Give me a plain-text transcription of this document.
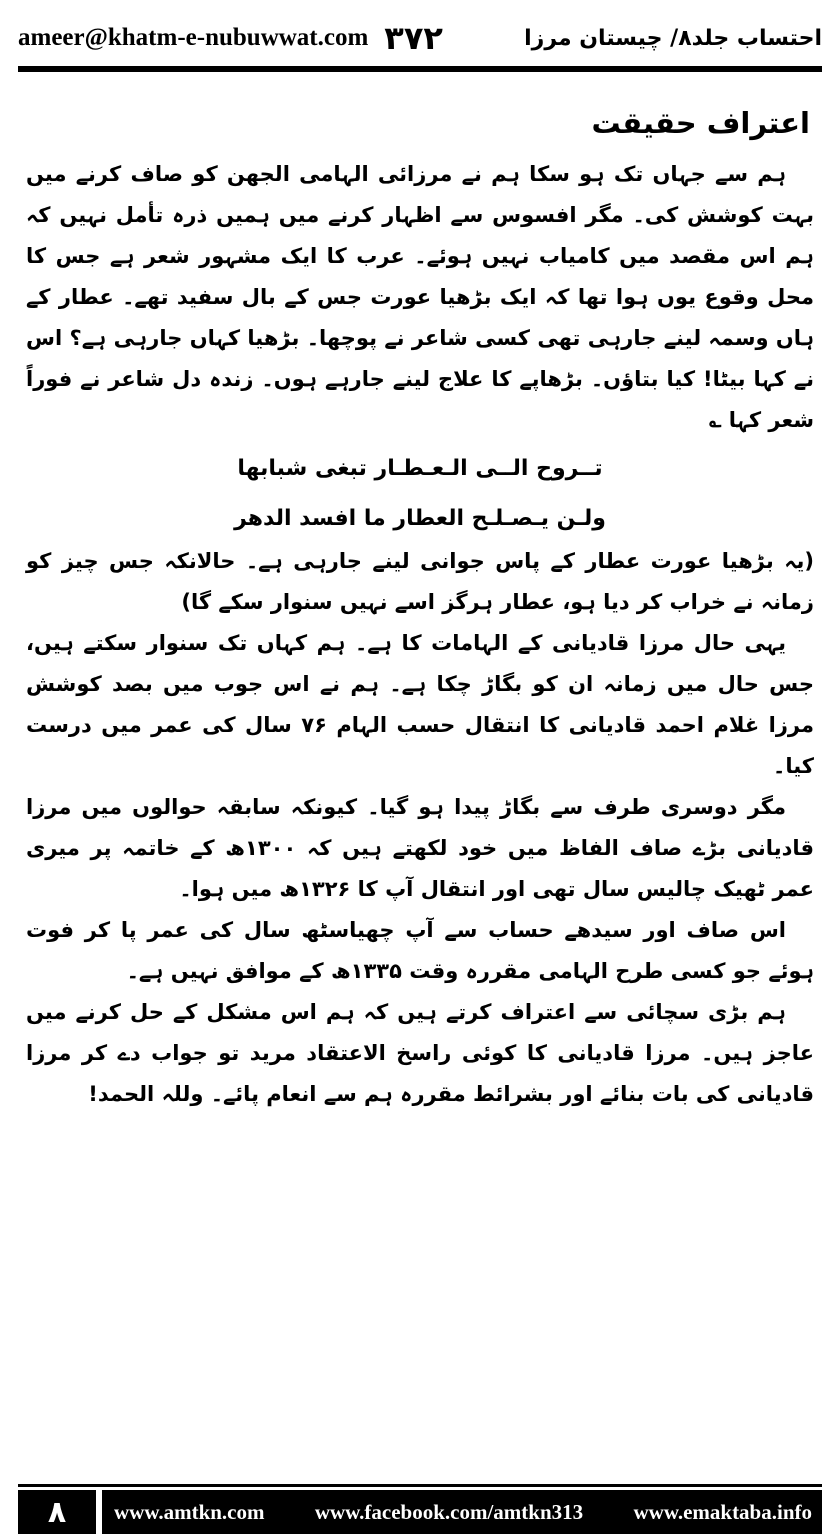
ameer@khatm-e-nubuwwat.com ۳۷۲	احتساب جلد۸/ چیستان مرزا
اعتراف حقیقت

ہم سے جہاں تک ہو سکا ہم نے مرزائی الہامی الجھن کو صاف کرنے میں بہت کوشش کی۔ مگر افسوس سے اظہار کرنے میں ہمیں ذرہ تأمل نہیں کہ ہم اس مقصد میں کامیاب نہیں ہوئے۔ عرب کا ایک مشہور شعر ہے جس کا محل وقوع یوں ہوا تھا کہ ایک بڑھیا عورت جس کے بال سفید تھے۔ عطار کے ہاں وسمہ لینے جارہی تھی کسی شاعر نے پوچھا۔ بڑھیا کہاں جارہی ہے؟ اس نے کہا بیٹا! کیا بتاؤں۔ بڑھاپے کا علاج لینے جارہے ہوں۔ زندہ دل شاعر نے فوراً شعر کہا ؎

تــروح الــی الـعـطـار تبغی شبابها
ولـن یـصـلـح العطار ما افسد الدهر

(یہ بڑھیا عورت عطار کے پاس جوانی لینے جارہی ہے۔ حالانکہ جس چیز کو زمانہ نے خراب کر دیا ہو، عطار ہرگز اسے نہیں سنوار سکے گا)

یہی حال مرزا قادیانی کے الہامات کا ہے۔ ہم کہاں تک سنوار سکتے ہیں، جس حال میں زمانہ ان کو بگاڑ چکا ہے۔ ہم نے اس جوب میں بصد کوشش مرزا غلام احمد قادیانی کا انتقال حسب الہام ۷۶ سال کی عمر میں درست کیا۔

مگر دوسری طرف سے بگاڑ پیدا ہو گیا۔ کیونکہ سابقہ حوالوں میں مرزا قادیانی بڑے صاف الفاظ میں خود لکھتے ہیں کہ ۱۳۰۰ھ کے خاتمہ پر میری عمر ٹھیک چالیس سال تھی اور انتقال آپ کا ۱۳۲۶ھ میں ہوا۔

اس صاف اور سیدھے حساب سے آپ چھیاسٹھ سال کی عمر پا کر فوت ہوئے جو کسی طرح الہامی مقررہ وقت ۱۳۳۵ھ کے موافق نہیں ہے۔

ہم بڑی سچائی سے اعتراف کرتے ہیں کہ ہم اس مشکل کے حل کرنے میں عاجز ہیں۔ مرزا قادیانی کا کوئی راسخ الاعتقاد مرید تو جواب دے کر مرزا قادیانی کی بات بنائے اور بشرائط مقررہ ہم سے انعام پائے۔ وللہ الحمد!

۸	www.amtkn.com www.facebook.com/amtkn313 www.emaktaba.info
